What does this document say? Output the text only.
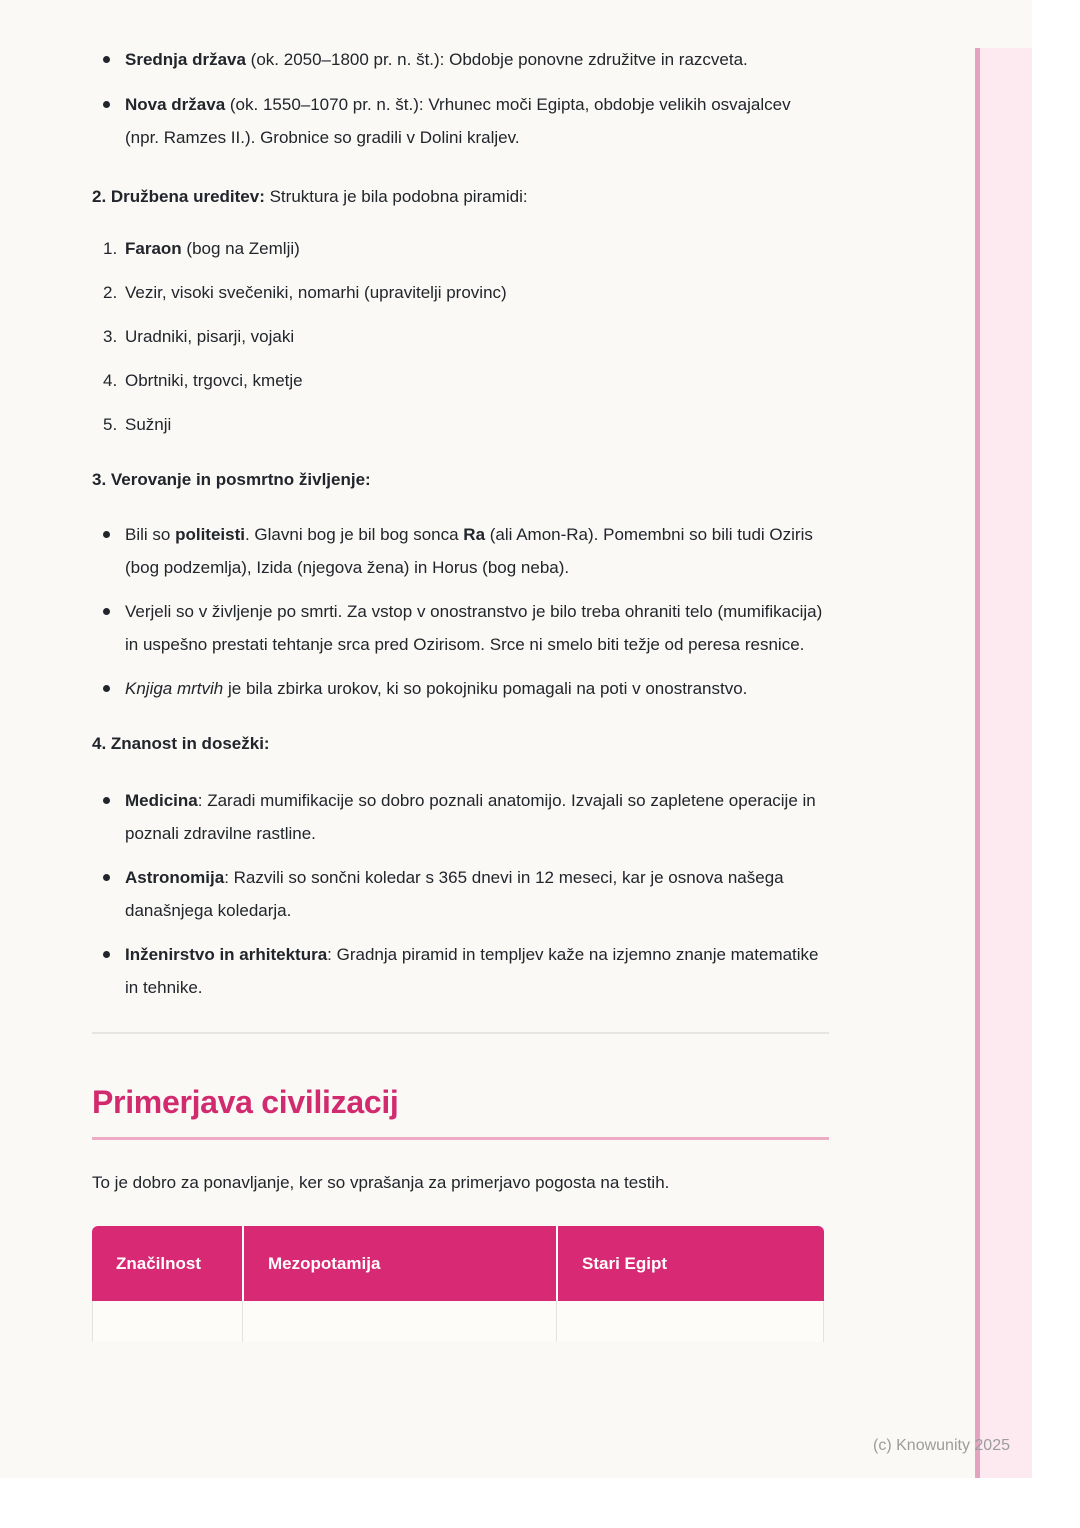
Srednja država (ok. 2050–1800 pr. n. št.): Obdobje ponovne združitve in razcveta.
Nova država (ok. 1550–1070 pr. n. št.): Vrhunec moči Egipta, obdobje velikih osvajalcev (npr. Ramzes II.). Grobnice so gradili v Dolini kraljev.

2. Družbena ureditev: Struktura je bila podobna piramidi:

1. Faraon (bog na Zemlji)
2. Vezir, visoki svečeniki, nomarhi (upravitelji provinc)
3. Uradniki, pisarji, vojaki
4. Obrtniki, trgovci, kmetje
5. Sužnji

3. Verovanje in posmrtno življenje:

Bili so politeisti. Glavni bog je bil bog sonca Ra (ali Amon-Ra). Pomembni so bili tudi Oziris (bog podzemlja), Izida (njegova žena) in Horus (bog neba).
Verjeli so v življenje po smrti. Za vstop v onostranstvo je bilo treba ohraniti telo (mumifikacija) in uspešno prestati tehtanje srca pred Ozirisom. Srce ni smelo biti težje od peresa resnice.
Knjiga mrtvih je bila zbirka urokov, ki so pokojniku pomagali na poti v onostranstvo.

4. Znanost in dosežki:

Medicina: Zaradi mumifikacije so dobro poznali anatomijo. Izvajali so zapletene operacije in poznali zdravilne rastline.
Astronomija: Razvili so sončni koledar s 365 dnevi in 12 meseci, kar je osnova našega današnjega koledarja.
Inženirstvo in arhitektura: Gradnja piramid in templjev kaže na izjemno znanje matematike in tehnike.
Primerjava civilizacij

To je dobro za ponavljanje, ker so vprašanja za primerjavo pogosta na testih.

Značilnost	Mezopotamija	Stari Egipt

(c) Knowunity 2025
